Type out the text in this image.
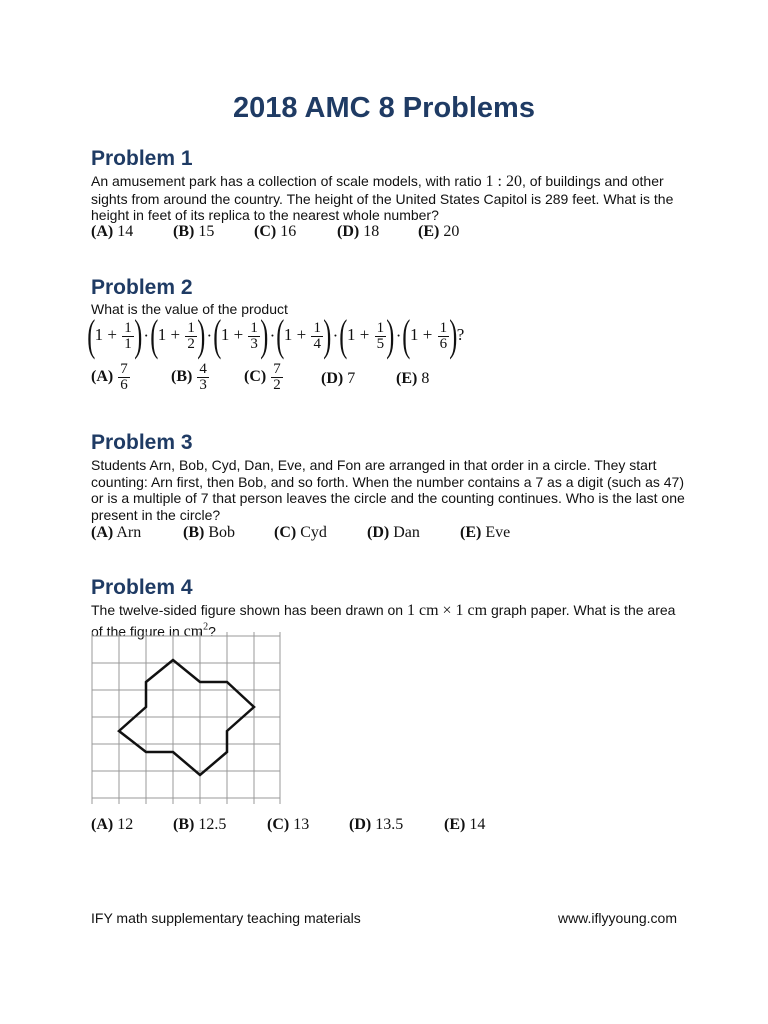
2018 AMC 8 Problems
Problem 1

An amusement park has a collection of scale models, with ratio 1 : 20, of buildings and other sights from around the country. The height of the United States Capitol is 289 feet. What is the height in feet of its replica to the nearest whole number?

(A) 14 (B) 15 (C) 16	(D) 18 (E) 20
Problem 2

What is the value of the product

$(1 + \frac{1}{1} )\cdot(1 + \frac{1}{2} )\cdot(1 + \frac{1}{3} )\cdot(1 + \frac{1}{4} )\cdot(1 + \frac{1}{5} )\cdot(1 + \frac{1}{6}$ )?
$(A) \frac{7}{6}$	$(B) \frac{4}{3} (C) \frac{7}{2} (D)$ 7	(E) 8
Problem 3

Students Arn, Bob, Cyd, Dan, Eve, and Fon are arranged in that order in a circle. They start counting: Arn first, then Bob, and so forth. When the number contains a 7 as a digit (such as 47) or is a multiple of 7 that person leaves the circle and the counting continues. Who is the last one present in the circle?

(A) Arn	(B) Bob (C) Cyd	(D) Dan	(E) Eve
Problem 4

The twelve-sided figure shown has been drawn on 1 cm × 1 cm graph paper. What is the area of the figure in $cm^2$?

(A) 12 (B) 12.5	(C) 13 (D) 13.5	(E) 14
IFY math supplementary teaching materials	www.iflyyoung.com
